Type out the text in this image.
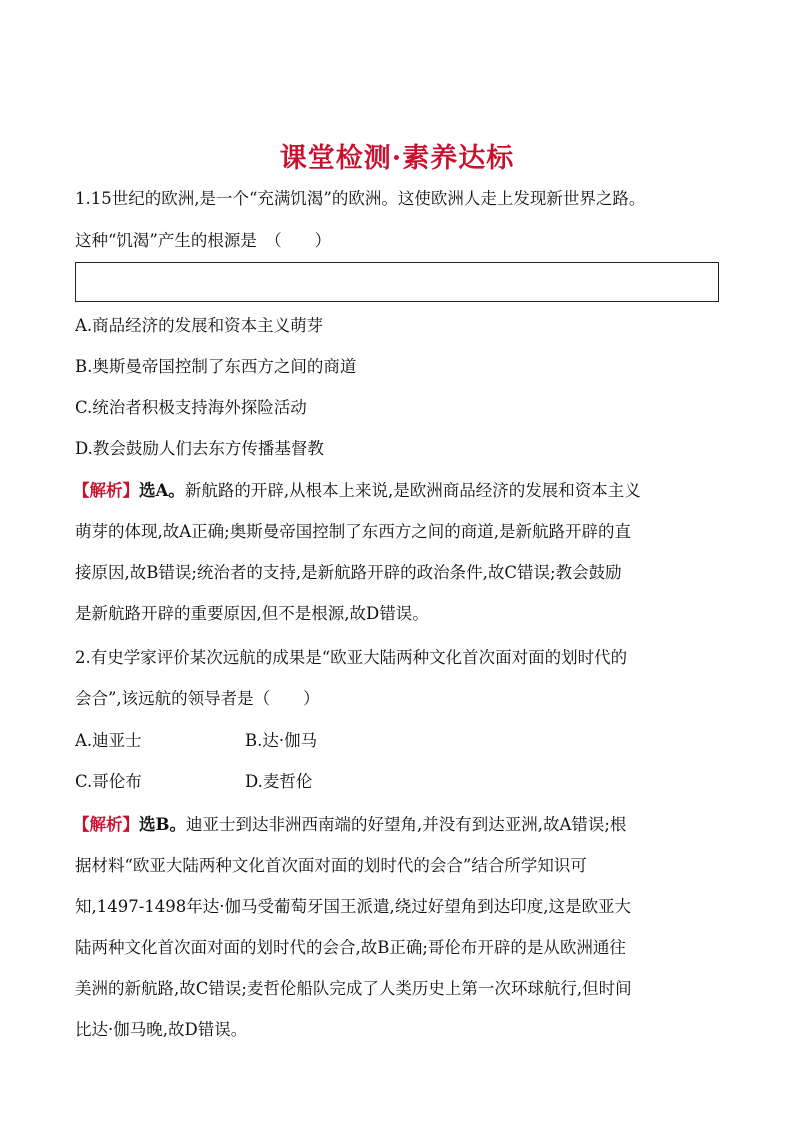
课堂检测·素养达标
1.15世纪的欧洲,是一个“充满饥渴”的欧洲。这使欧洲人走上发现新世界之路。
这种“饥渴”产生的根源是　（　　）
A.商品经济的发展和资本主义萌芽
B.奥斯曼帝国控制了东西方之间的商道
C.统治者积极支持海外探险活动
D.教会鼓励人们去东方传播基督教
【解析】选A。新航路的开辟,从根本上来说,是欧洲商品经济的发展和资本主义
萌芽的体现,故A正确;奥斯曼帝国控制了东西方之间的商道,是新航路开辟的直
接原因,故B错误;统治者的支持,是新航路开辟的政治条件,故C错误;教会鼓励
是新航路开辟的重要原因,但不是根源,故D错误。
2.有史学家评价某次远航的成果是“欧亚大陆两种文化首次面对面的划时代的
会合”,该远航的领导者是（　　）
A.迪亚士	B.达·伽马
C.哥伦布	D.麦哲伦
【解析】选B。迪亚士到达非洲西南端的好望角,并没有到达亚洲,故A错误;根
据材料“欧亚大陆两种文化首次面对面的划时代的会合”结合所学知识可
知,1497-1498年达·伽马受葡萄牙国王派遣,绕过好望角到达印度,这是欧亚大
陆两种文化首次面对面的划时代的会合,故B正确;哥伦布开辟的是从欧洲通往
美洲的新航路,故C错误;麦哲伦船队完成了人类历史上第一次环球航行,但时间
比达·伽马晚,故D错误。
